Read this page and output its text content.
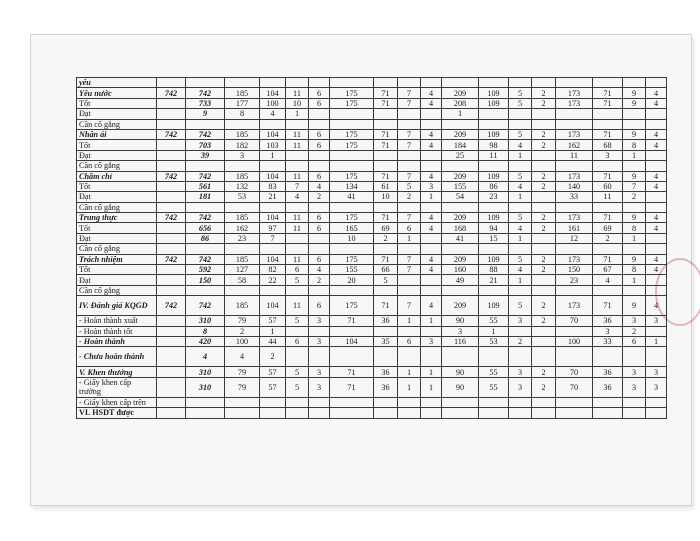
yếu																		
Yêu nước	742	742	185	104	11	6	175	71	7	4	209	109	5	2	173	71	9	4
Tốt		733	177	100	10	6	175	71	7	4	208	109	5	2	173	71	9	4
Đạt		9	8	4	1						1							
Cần cố gắng																		
Nhân ái	742	742	185	104	11	6	175	71	7	4	209	109	5	2	173	71	9	4
Tốt		703	182	103	11	6	175	71	7	4	184	98	4	2	162	68	8	4
Đạt		39	3	1							25	11	1		11	3	1	
Cần cố gắng																		
Chăm chỉ	742	742	185	104	11	6	175	71	7	4	209	109	5	2	173	71	9	4
Tốt		561	132	83	7	4	134	61	5	3	155	86	4	2	140	60	7	4
Đạt		181	53	21	4	2	41	10	2	1	54	23	1		33	11	2	
Cần cố gắng																		
Trung thực	742	742	185	104	11	6	175	71	7	4	209	109	5	2	173	71	9	4
Tốt		656	162	97	11	6	165	69	6	4	168	94	4	2	161	69	8	4
Đạt		86	23	7			10	2	1		41	15	1		12	2	1	
Cần cố gắng																		
Trách nhiệm	742	742	185	104	11	6	175	71	7	4	209	109	5	2	173	71	9	4
Tốt		592	127	82	6	4	155	66	7	4	160	88	4	2	150	67	8	4
Đạt		150	58	22	5	2	20	5			49	21	1		23	4	1	
Cần cố gắng																		
IV. Đánh giá KQGD	742	742	185	104	11	6	175	71	7	4	209	109	5	2	173	71	9	4
- Hoàn thành xuất		310	79	57	5	3	71	36	1	1	90	55	3	2	70	36	3	3
- Hoàn thành tốt		8	2	1							3	1				3	2	
- Hoàn thành		420	100	44	6	3	104	35	6	3	116	53	2		100	33	6	1
- Chưa hoàn thành		4	4	2														
V. Khen thưởng		310	79	57	5	3	71	36	1	1	90	55	3	2	70	36	3	3
- Giấy khen cấp trường		310	79	57	5	3	71	36	1	1	90	55	3	2	70	36	3	3
- Giấy khen cấp trên																		
VI. HSDT được																		
